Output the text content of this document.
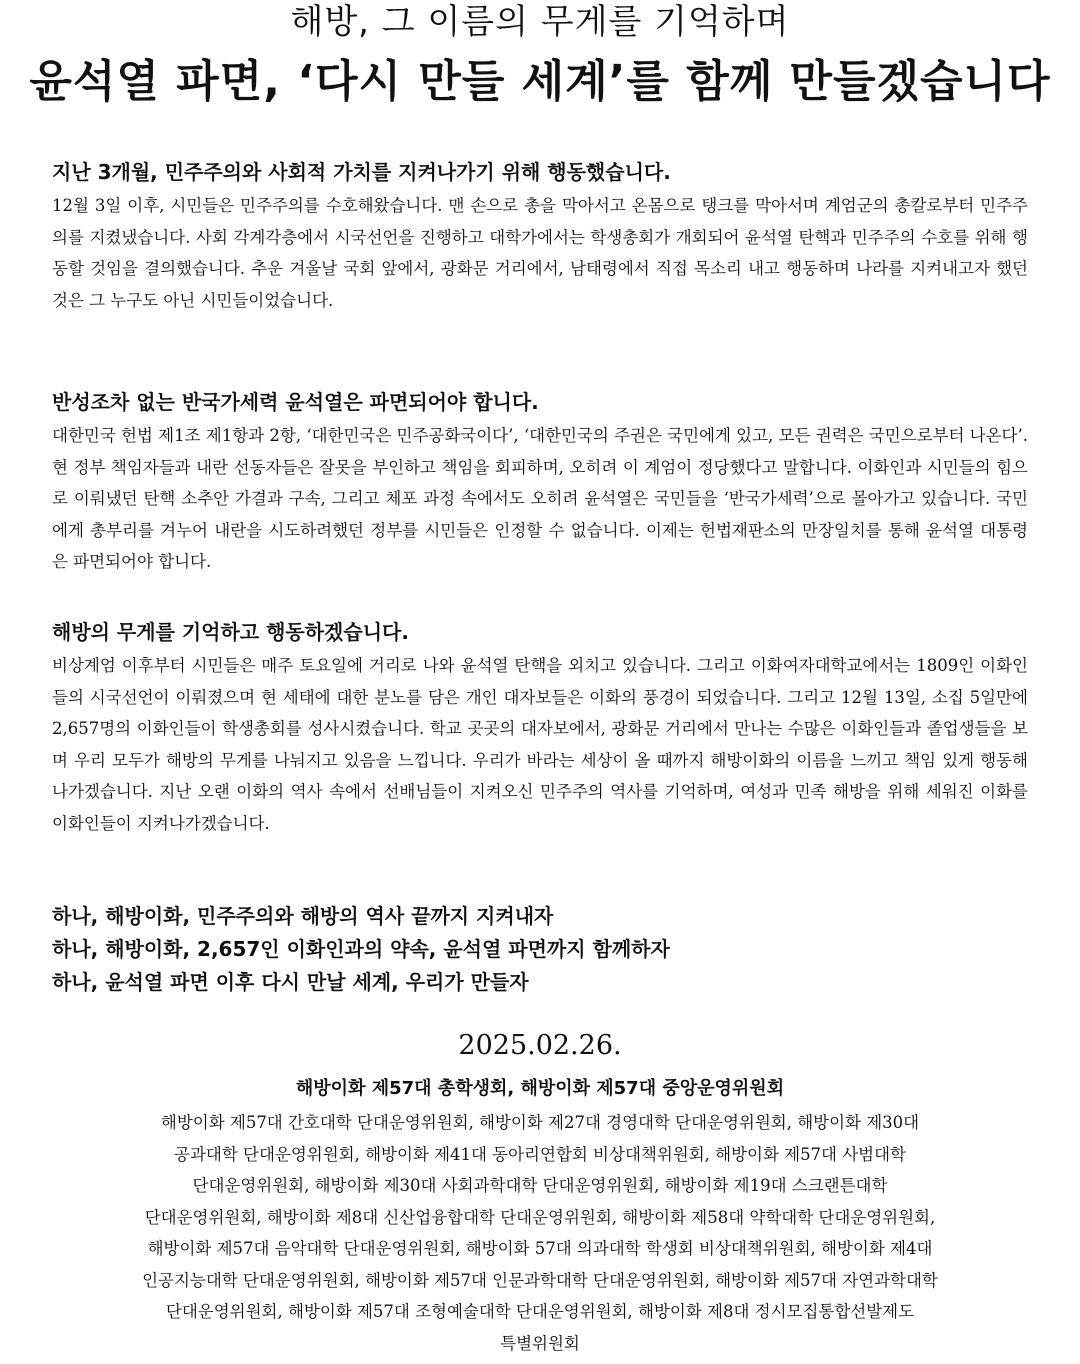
해방, 그 이름의 무게를 기억하며
윤석열 파면, ‘다시 만들 세계’를 함께 만들겠습니다
지난 3개월, 민주주의와 사회적 가치를 지켜나가기 위해 행동했습니다.

12월 3일 이후, 시민들은 민주주의를 수호해왔습니다. 맨 손으로 총을 막아서고 온몸으로 탱크를 막아서며 계엄군의 총칼로부터 민주주의를 지켰냈습니다. 사회 각계각층에서 시국선언을 진행하고 대학가에서는 학생총회가 개회되어 윤석열 탄핵과 민주주의 수호를 위해 행동할 것임을 결의했습니다. 추운 겨울날 국회 앞에서, 광화문 거리에서, 남태령에서 직접 목소리 내고 행동하며 나라를 지켜내고자 했던 것은 그 누구도 아닌 시민들이었습니다.

반성조차 없는 반국가세력 윤석열은 파면되어야 합니다.

대한민국 헌법 제1조 제1항과 2항, ‘대한민국은 민주공화국이다’, ‘대한민국의 주권은 국민에게 있고, 모든 권력은 국민으로부터 나온다’. 현 정부 책임자들과 내란 선동자들은 잘못을 부인하고 책임을 회피하며, 오히려 이 계엄이 정당했다고 말합니다. 이화인과 시민들의 힘으로 이뤄냈던 탄핵 소추안 가결과 구속, 그리고 체포 과정 속에서도 오히려 윤석열은 국민들을 ‘반국가세력’으로 몰아가고 있습니다. 국민에게 총부리를 겨누어 내란을 시도하려했던 정부를 시민들은 인정할 수 없습니다. 이제는 헌법재판소의 만장일치를 통해 윤석열 대통령은 파면되어야 합니다.

해방의 무게를 기억하고 행동하겠습니다.

비상계엄 이후부터 시민들은 매주 토요일에 거리로 나와 윤석열 탄핵을 외치고 있습니다. 그리고 이화여자대학교에서는 1809인 이화인들의 시국선언이 이뤄졌으며 현 세태에 대한 분노를 담은 개인 대자보들은 이화의 풍경이 되었습니다. 그리고 12월 13일, 소집 5일만에 2,657명의 이화인들이 학생총회를 성사시켰습니다. 학교 곳곳의 대자보에서, 광화문 거리에서 만나는 수많은 이화인들과 졸업생들을 보며 우리 모두가 해방의 무게를 나눠지고 있음을 느낍니다. 우리가 바라는 세상이 올 때까지 해방이화의 이름을 느끼고 책임 있게 행동해나가겠습니다. 지난 오랜 이화의 역사 속에서 선배님들이 지켜오신 민주주의 역사를 기억하며, 여성과 민족 해방을 위해 세워진 이화를 이화인들이 지켜나가겠습니다.

하나, 해방이화, 민주주의와 해방의 역사 끝까지 지켜내자
하나, 해방이화, 2,657인 이화인과의 약속, 윤석열 파면까지 함께하자
하나, 윤석열 파면 이후 다시 만날 세계, 우리가 만들자
2025.02.26.
해방이화 제57대 총학생회, 해방이화 제57대 중앙운영위원회
해방이화 제57대 간호대학 단대운영위원회, 해방이화 제27대 경영대학 단대운영위원회, 해방이화 제30대
공과대학 단대운영위원회, 해방이화 제41대 동아리연합회 비상대책위원회, 해방이화 제57대 사범대학
단대운영위원회, 해방이화 제30대 사회과학대학 단대운영위원회, 해방이화 제19대 스크랜튼대학
단대운영위원회, 해방이화 제8대 신산업융합대학 단대운영위원회, 해방이화 제58대 약학대학 단대운영위원회,
해방이화 제57대 음악대학 단대운영위원회, 해방이화 57대 의과대학 학생회 비상대책위원회, 해방이화 제4대
인공지능대학 단대운영위원회, 해방이화 제57대 인문과학대학 단대운영위원회, 해방이화 제57대 자연과학대학
단대운영위원회, 해방이화 제57대 조형예술대학 단대운영위원회, 해방이화 제8대 정시모집통합선발제도
특별위원회
